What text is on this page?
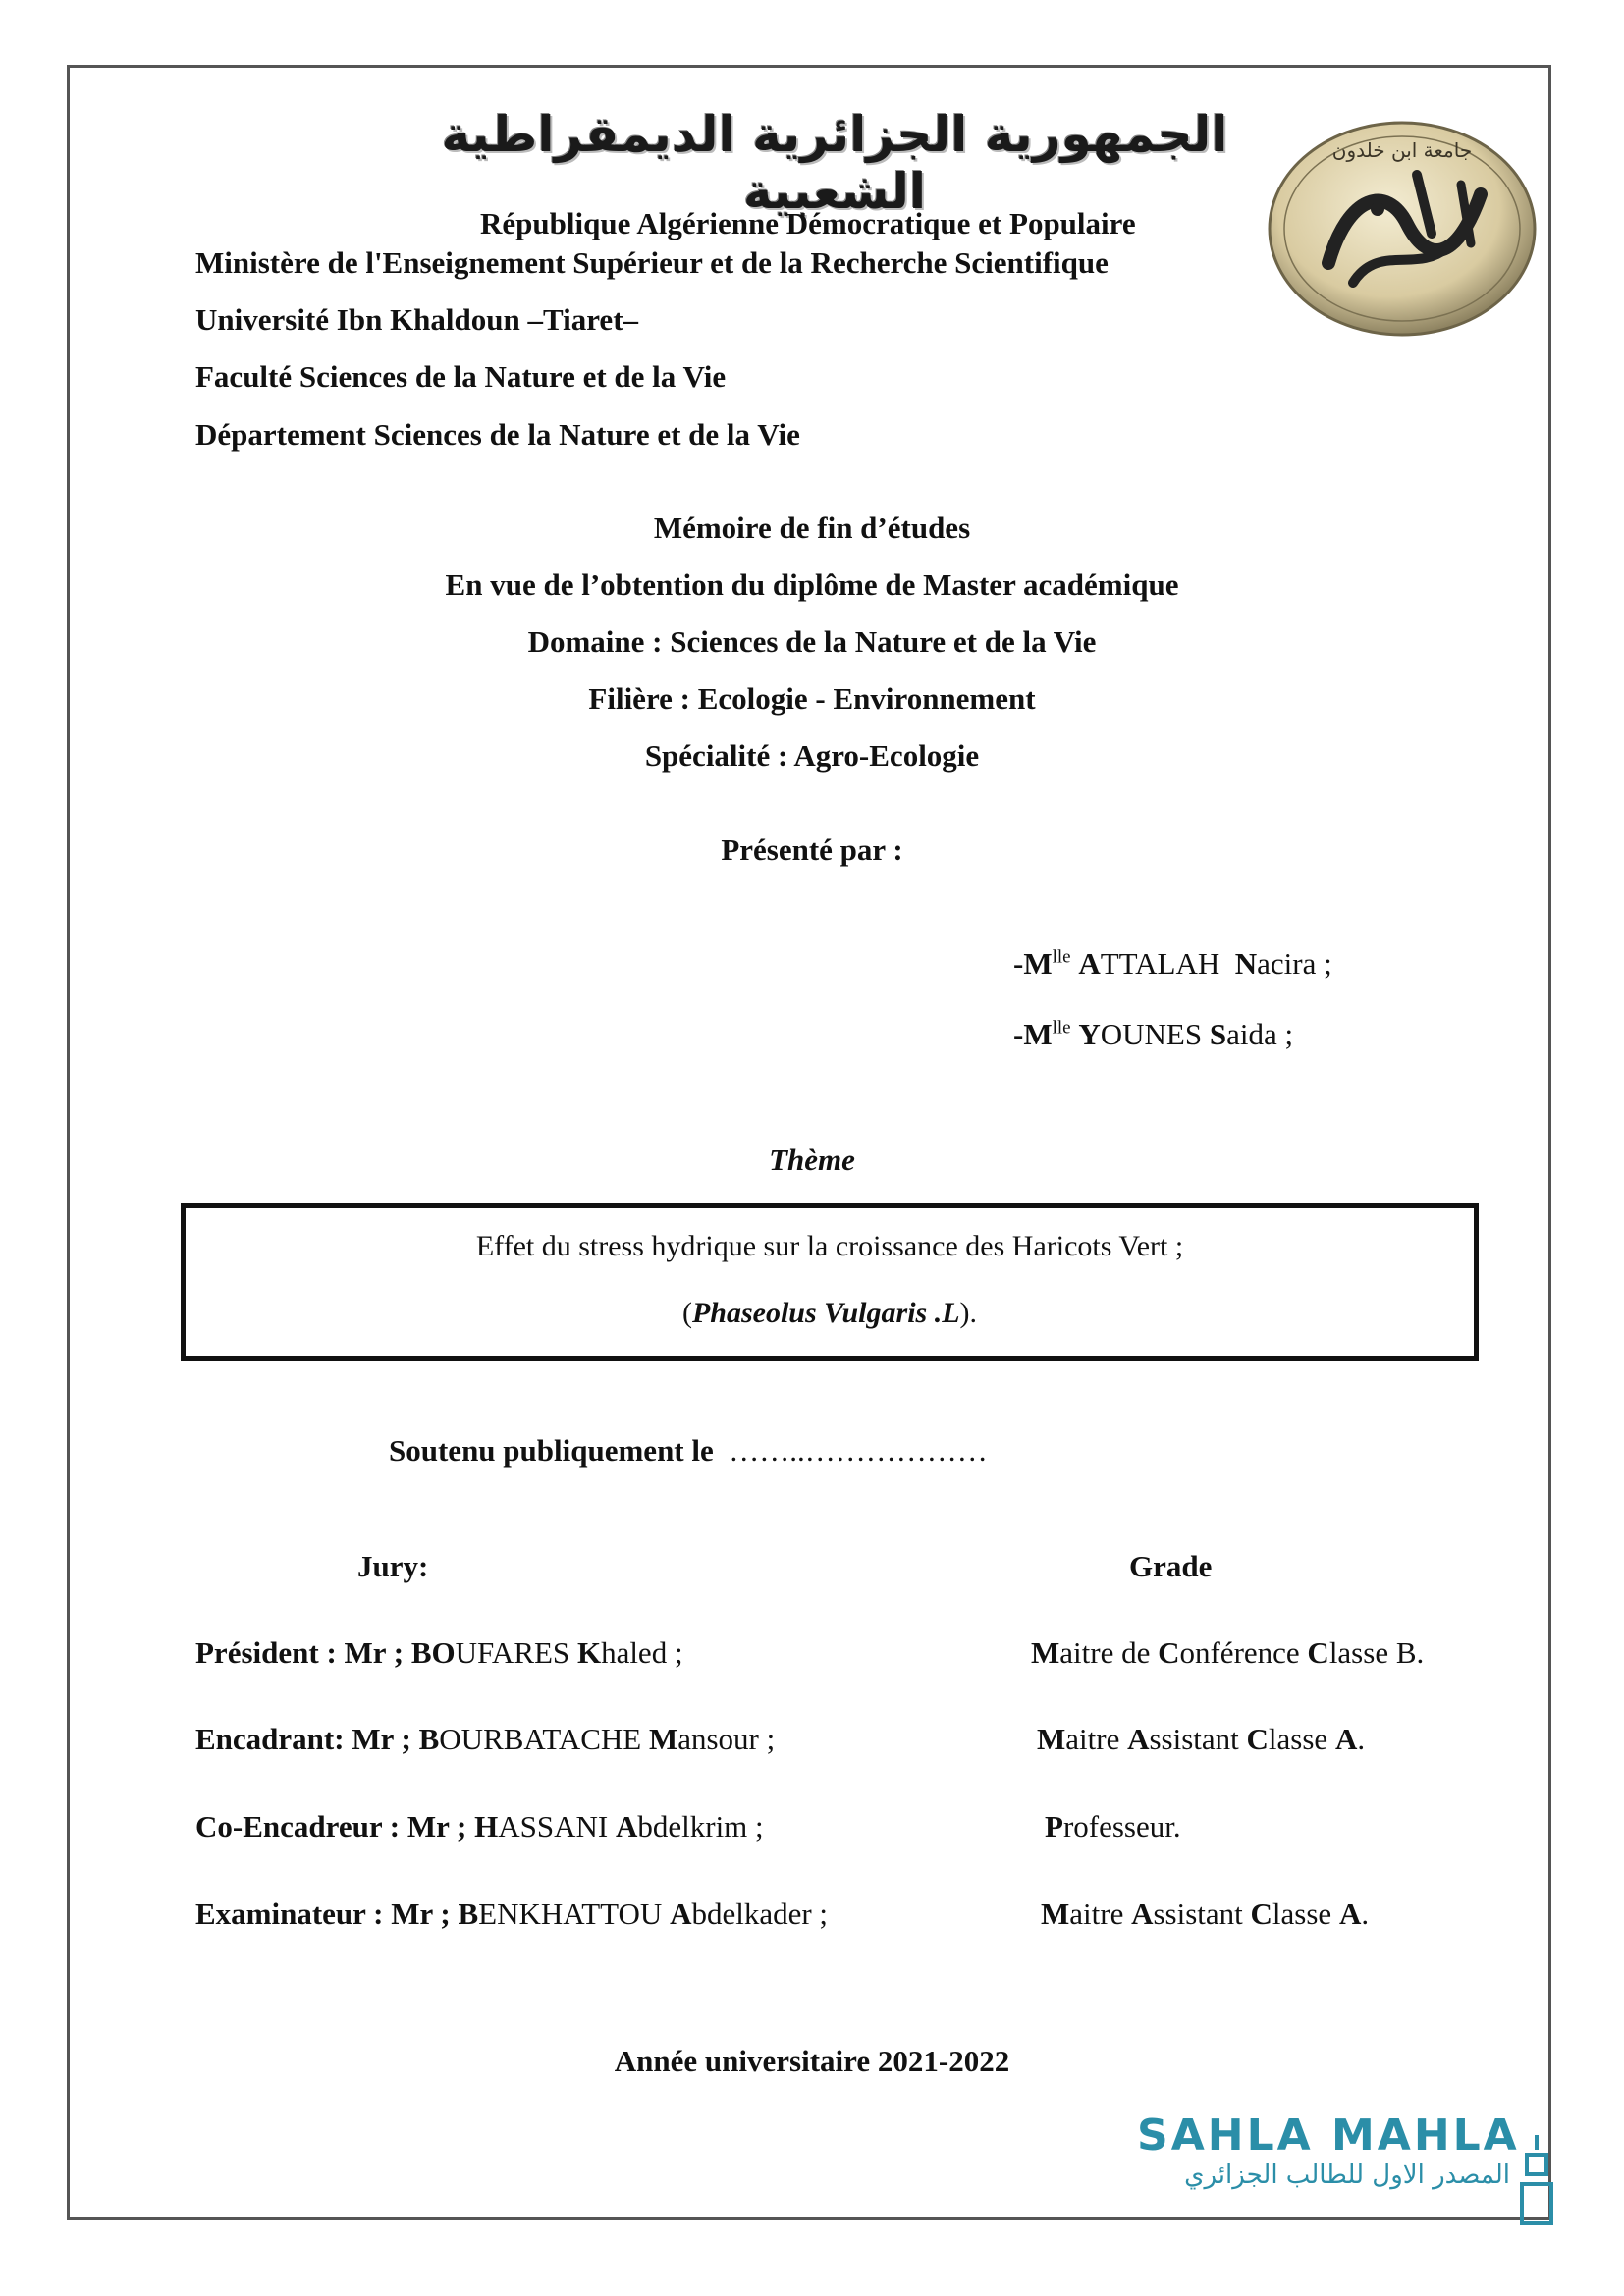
الجمهورية الجزائرية الديمقراطية الشعبية
جامعة ابن خلدون
République Algérienne Démocratique et Populaire
Ministère de l'Enseignement Supérieur et de la Recherche Scientifique
Université Ibn Khaldoun –Tiaret–
Faculté Sciences de la Nature et de la Vie
Département Sciences de la Nature et de la Vie
Mémoire de fin d’études
En vue de l’obtention du diplôme de Master académique
Domaine : Sciences de la Nature et de la Vie
Filière : Ecologie - Environnement
Spécialité : Agro-Ecologie
Présenté par :
$-M^{lle}$ ATTALAH Nacira ;
$-M^{lle}$ YOUNES Saida ;
Thème
Effet du stress hydrique sur la croissance des Haricots Vert ;
(Phaseolus Vulgaris .L).
Soutenu publiquement le ……..………………
Jury:	Grade
Président : Mr ; BOUFARES Khaled ;	Maitre de Conférence Classe B.
Encadrant: Mr ; BOURBATACHE Mansour ;	Maitre Assistant Classe A.
Co-Encadreur : Mr ; HASSANI Abdelkrim ;	Professeur.
Examinateur : Mr ; BENKHATTOU Abdelkader ;	Maitre Assistant Classe A.
Année universitaire 2021-2022
SAHLA MAHLA
المصدر الاول للطالب الجزائري
